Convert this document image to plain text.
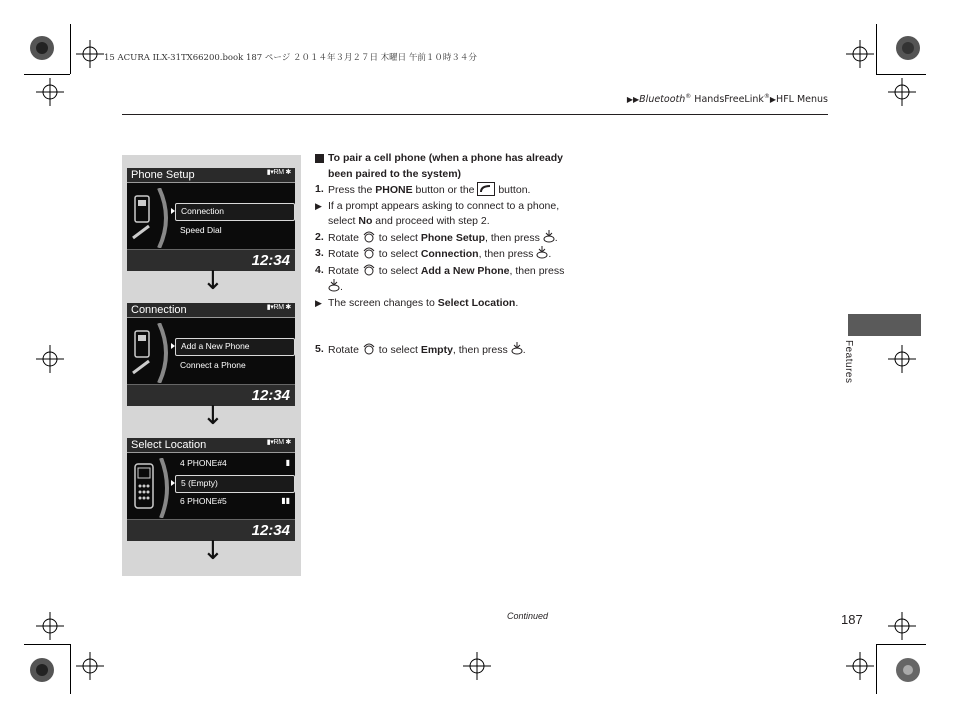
15 ACURA ILX-31TX66200.book 187 ページ ２０１４年３月２７日 木曜日 午前１０時３４分
▶▶Bluetooth® HandsFreeLink®▶HFL Menus
Phone Setup	▮▾RM ✱
Connection
Speed Dial
12:34
↓
Connection	▮▾RM ✱
Add a New Phone
Connect a Phone
12:34
↓
Select Location	▮▾RM ✱
4 PHONE#4	▮
5 (Empty)
6 PHONE#5	▮▮
12:34
↓
To pair a cell phone (when a phone has already been paired to the system)
1. Press the PHONE button or the  button.
▶ If a prompt appears asking to connect to a phone, select No and proceed with step 2.
2. Rotate  to select Phone Setup, then press .
3. Rotate  to select Connection, then press .
4. Rotate  to select Add a New Phone, then press .
▶ The screen changes to Select Location.
5. Rotate  to select Empty, then press .	Features
Continued	187
